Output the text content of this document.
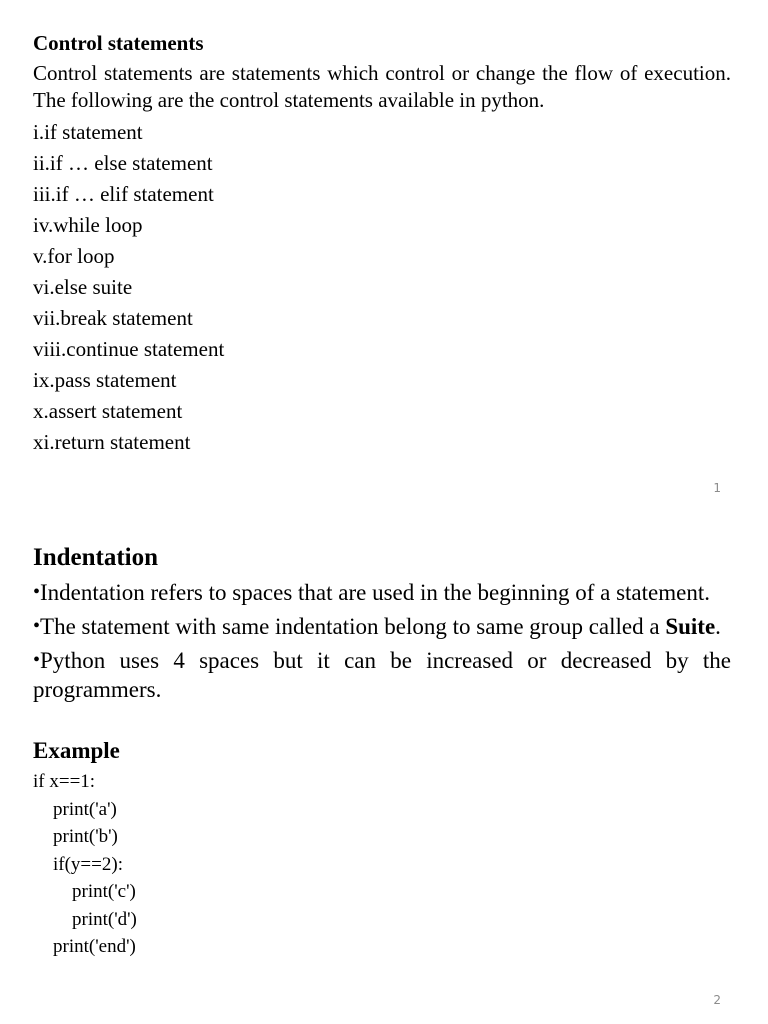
Control statements
Control statements are statements which control or change the flow of execution. The following are the control statements available in python.
i.if statement
ii.if … else statement
iii.if … elif statement
iv.while loop
v.for loop
vi.else suite
vii.break statement
viii.continue statement
ix.pass statement
x.assert statement
xi.return statement
1
Indentation
•Indentation refers to spaces that are used in the beginning of a statement.
•The statement with same indentation belong to same group called a Suite.
•Python uses 4 spaces but it can be increased or decreased by the programmers.
Example
if x==1:
print('a')
print('b')
if(y==2):
print('c')
print('d')
print('end')
2
